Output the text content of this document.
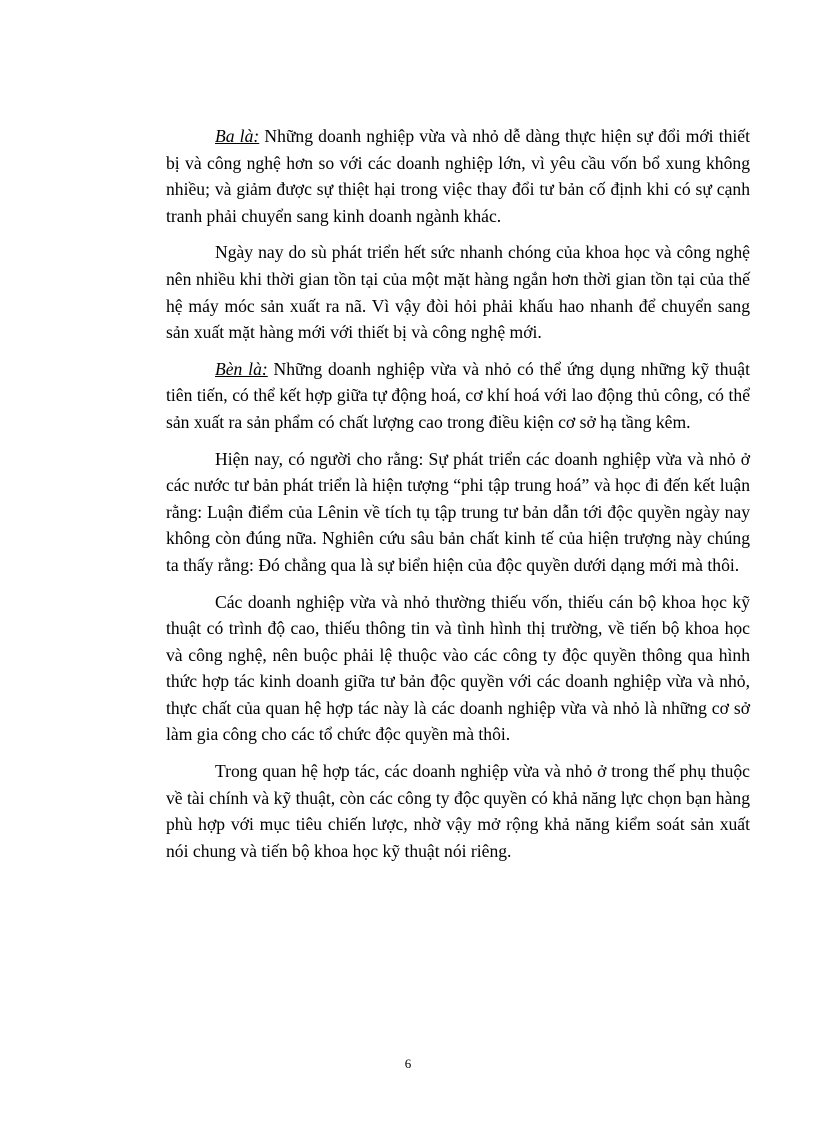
Ba là: Những doanh nghiệp vừa và nhỏ dễ dàng thực hiện sự đổi mới thiết bị và công nghệ hơn so với các doanh nghiệp lớn, vì yêu cầu vốn bổ xung không nhiều; và giảm được sự thiệt hại trong việc thay đổi tư bản cố định khi có sự cạnh tranh phải chuyển sang kinh doanh ngành khác.

Ngày nay do sù phát triển hết sức nhanh chóng của khoa học và công nghệ nên nhiều khi thời gian tồn tại của một mặt hàng ngắn hơn thời gian tồn tại của thế hệ máy móc sản xuất ra nã. Vì vậy đòi hỏi phải khấu hao nhanh để chuyển sang sản xuất mặt hàng mới với thiết bị và công nghệ mới.

Bèn là: Những doanh nghiệp vừa và nhỏ có thể ứng dụng những kỹ thuật tiên tiến, có thể kết hợp giữa tự động hoá, cơ khí hoá với lao động thủ công, có thể sản xuất ra sản phẩm có chất lượng cao trong điều kiện cơ sở hạ tầng kêm.

Hiện nay, có người cho rằng: Sự phát triển các doanh nghiệp vừa và nhỏ ở các nước tư bản phát triển là hiện tượng “phi tập trung hoá” và học đi đến kết luận rằng: Luận điểm của Lênin về tích tụ tập trung tư bản dẫn tới độc quyền ngày nay không còn đúng nữa. Nghiên cứu sâu bản chất kinh tế của hiện trượng này chúng ta thấy rằng: Đó chẳng qua là sự biển hiện của độc quyền dưới dạng mới mà thôi.

Các doanh nghiệp vừa và nhỏ thường thiếu vốn, thiếu cán bộ khoa học kỹ thuật có trình độ cao, thiếu thông tin và tình hình thị trường, về tiến bộ khoa học và công nghệ, nên buộc phải lệ thuộc vào các công ty độc quyền thông qua hình thức hợp tác kinh doanh giữa tư bản độc quyền với các doanh nghiệp vừa và nhỏ, thực chất của quan hệ hợp tác này là các doanh nghiệp vừa và nhỏ là những cơ sở làm gia công cho các tổ chức độc quyền mà thôi.

Trong quan hệ hợp tác, các doanh nghiệp vừa và nhỏ ở trong thế phụ thuộc về tài chính và kỹ thuật, còn các công ty độc quyền có khả năng lực chọn bạn hàng phù hợp với mục tiêu chiến lược, nhờ vậy mở rộng khả năng kiểm soát sản xuất nói chung và tiến bộ khoa học kỹ thuật nói riêng.

6
